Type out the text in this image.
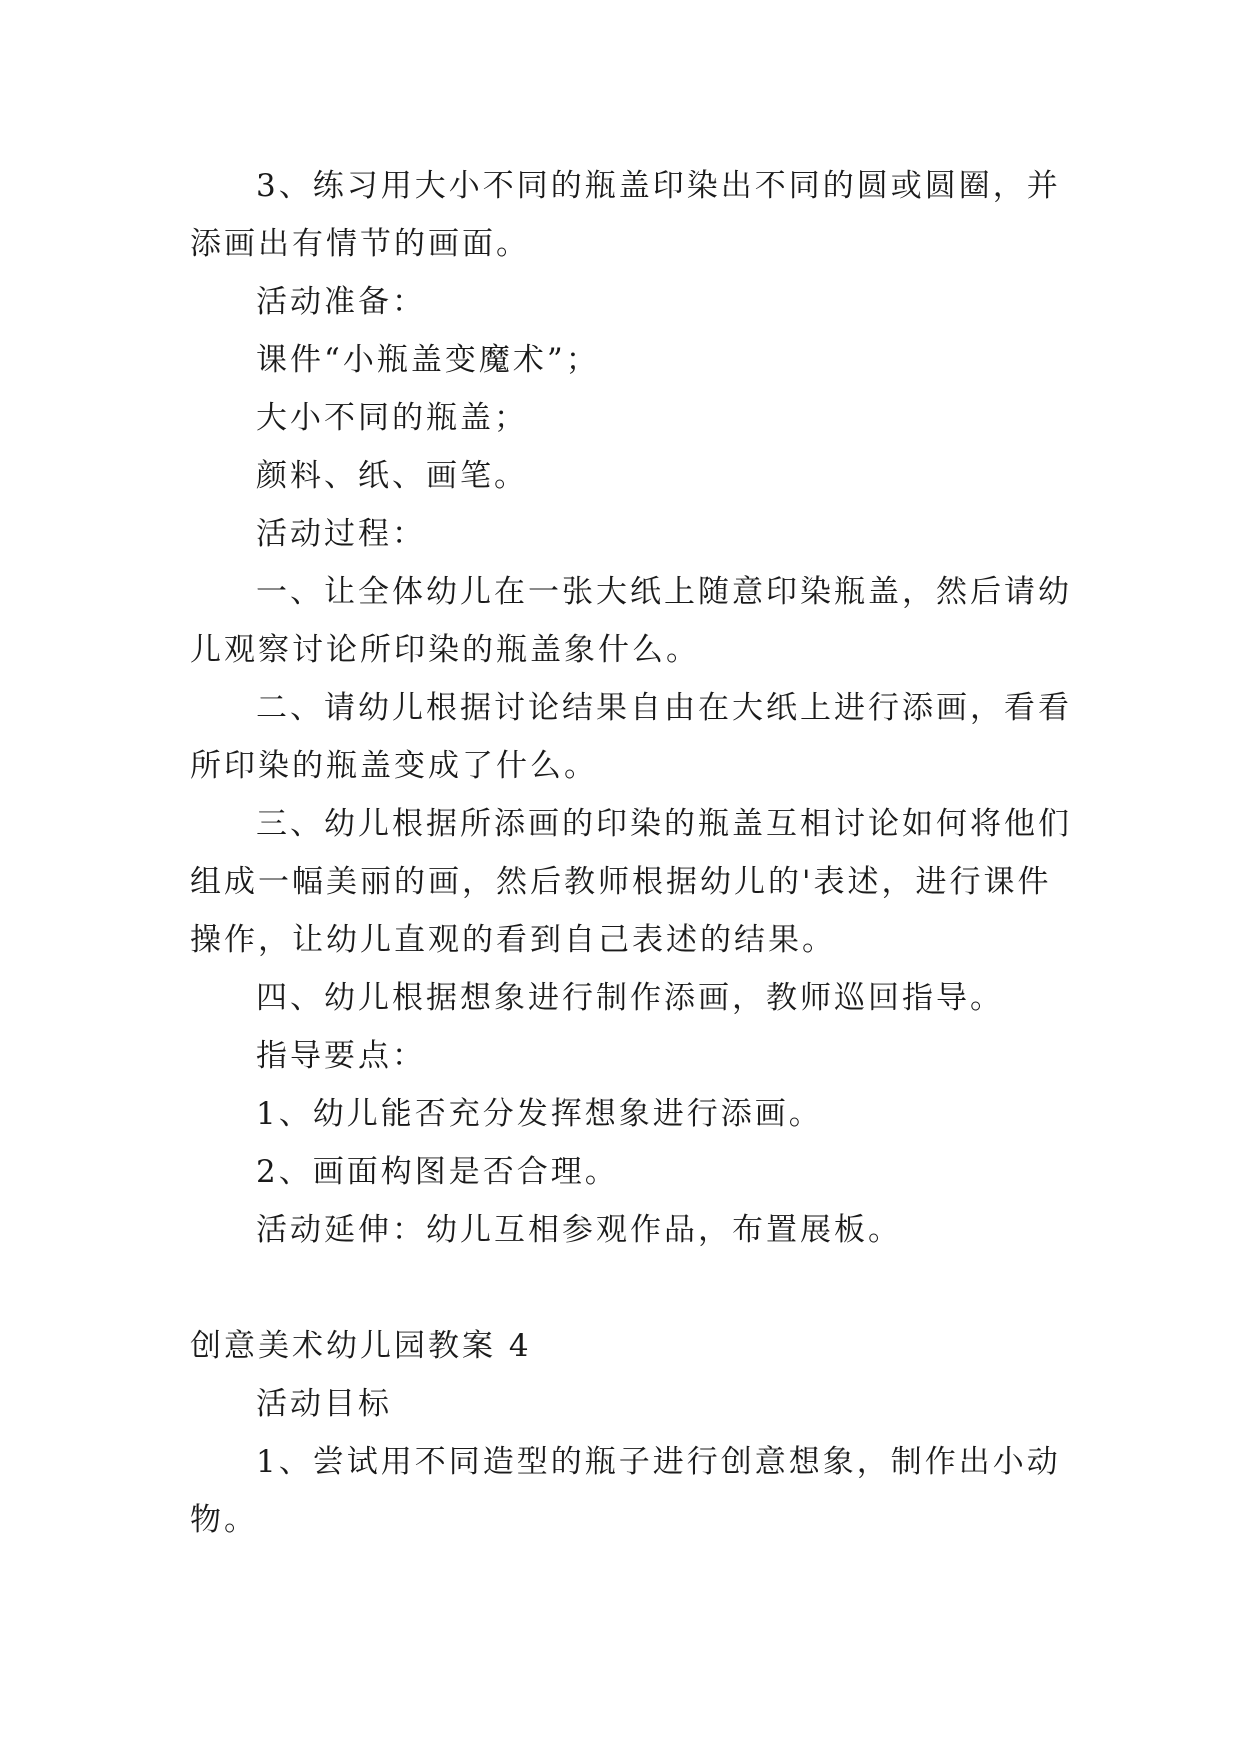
3、练习用大小不同的瓶盖印染出不同的圆或圆圈，并
添画出有情节的画面。
活动准备：
课件“小瓶盖变魔术”；
大小不同的瓶盖；
颜料、纸、画笔。
活动过程：
一、让全体幼儿在一张大纸上随意印染瓶盖，然后请幼
儿观察讨论所印染的瓶盖象什么。
二、请幼儿根据讨论结果自由在大纸上进行添画，看看
所印染的瓶盖变成了什么。
三、幼儿根据所添画的印染的瓶盖互相讨论如何将他们
组成一幅美丽的画，然后教师根据幼儿的'表述，进行课件
操作，让幼儿直观的看到自己表述的结果。
四、幼儿根据想象进行制作添画，教师巡回指导。
指导要点：
1、幼儿能否充分发挥想象进行添画。
2、画面构图是否合理。
活动延伸：幼儿互相参观作品，布置展板。
创意美术幼儿园教案 4
活动目标
1、尝试用不同造型的瓶子进行创意想象，制作出小动
物。
